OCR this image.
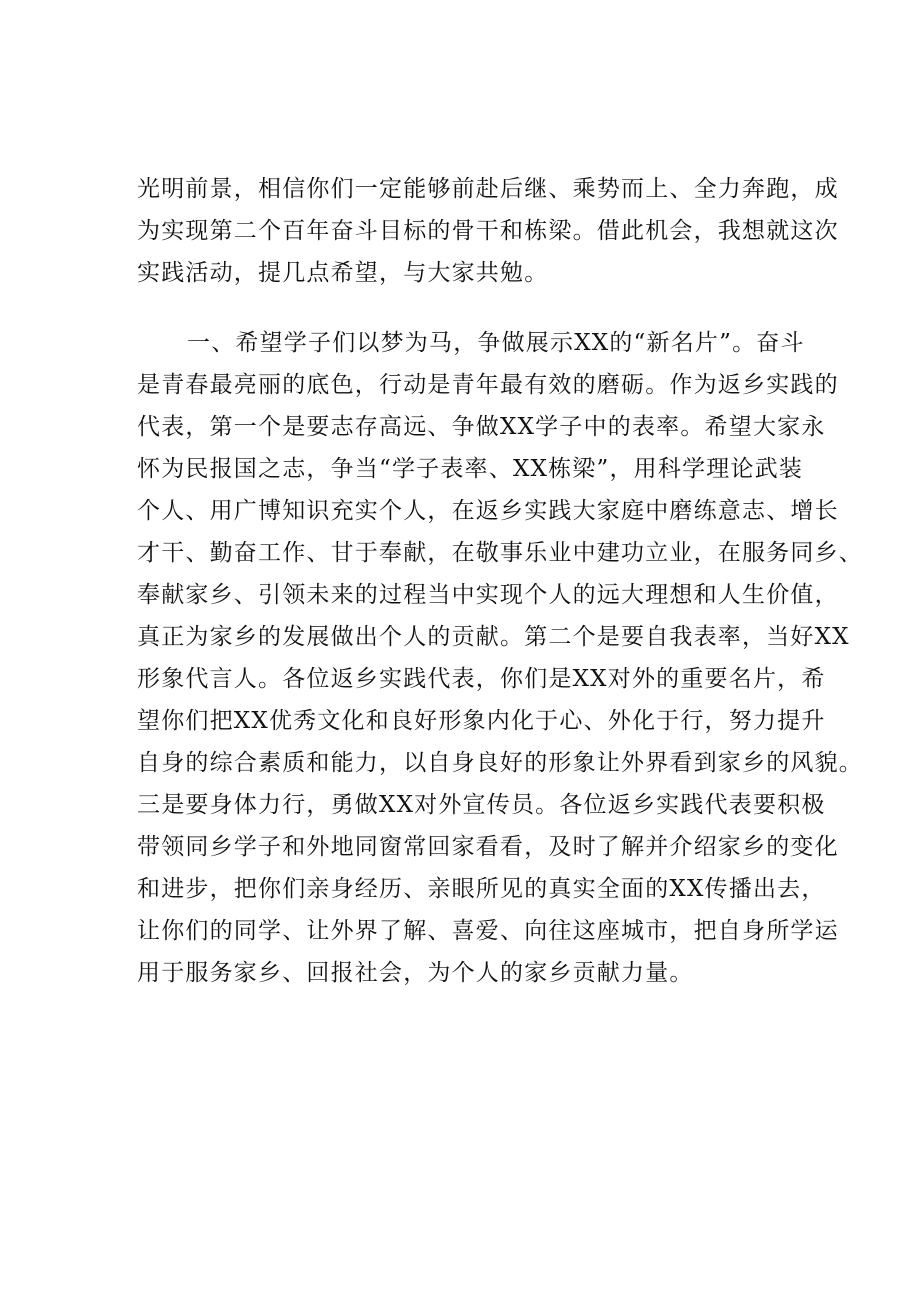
光明前景，相信你们一定能够前赴后继、乘势而上、全力奔跑，成
为实现第二个百年奋斗目标的骨干和栋梁。借此机会，我想就这次
实践活动，提几点希望，与大家共勉。
一、希望学子们以梦为马，争做展示XX的“新名片”。奋斗
是青春最亮丽的底色，行动是青年最有效的磨砺。作为返乡实践的
代表，第一个是要志存高远、争做XX学子中的表率。希望大家永
怀为民报国之志，争当“学子表率、XX栋梁”，用科学理论武装
个人、用广博知识充实个人，在返乡实践大家庭中磨练意志、增长
才干、勤奋工作、甘于奉献，在敬事乐业中建功立业，在服务同乡、
奉献家乡、引领未来的过程当中实现个人的远大理想和人生价值，
真正为家乡的发展做出个人的贡献。第二个是要自我表率，当好XX
形象代言人。各位返乡实践代表，你们是XX对外的重要名片，希
望你们把XX优秀文化和良好形象内化于心、外化于行，努力提升
自身的综合素质和能力，以自身良好的形象让外界看到家乡的风貌。
三是要身体力行，勇做XX对外宣传员。各位返乡实践代表要积极
带领同乡学子和外地同窗常回家看看，及时了解并介绍家乡的变化
和进步，把你们亲身经历、亲眼所见的真实全面的XX传播出去，
让你们的同学、让外界了解、喜爱、向往这座城市，把自身所学运
用于服务家乡、回报社会，为个人的家乡贡献力量。
